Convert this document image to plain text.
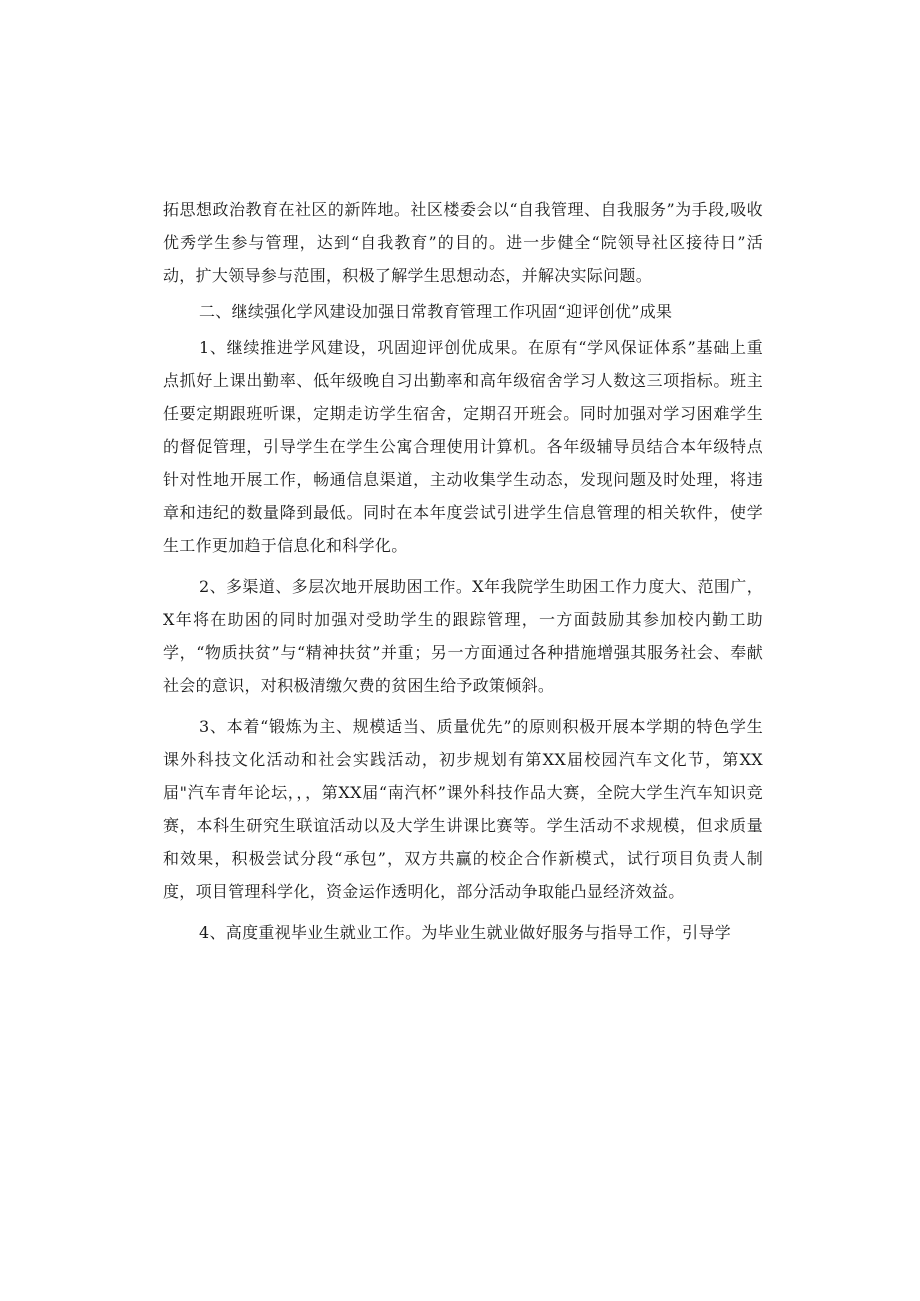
拓思想政治教育在社区的新阵地。社区楼委会以“自我管理、自我服务”为手段,吸收优秀学生参与管理，达到“自我教育”的目的。进一步健全“院领导社区接待日”活动，扩大领导参与范围，积极了解学生思想动态，并解决实际问题。

二、继续强化学风建设加强日常教育管理工作巩固“迎评创优”成果

1、继续推进学风建设，巩固迎评创优成果。在原有“学风保证体系”基础上重点抓好上课出勤率、低年级晚自习出勤率和高年级宿舍学习人数这三项指标。班主任要定期跟班听课，定期走访学生宿舍，定期召开班会。同时加强对学习困难学生的督促管理，引导学生在学生公寓合理使用计算机。各年级辅导员结合本年级特点针对性地开展工作，畅通信息渠道，主动收集学生动态，发现问题及时处理，将违章和违纪的数量降到最低。同时在本年度尝试引进学生信息管理的相关软件，使学生工作更加趋于信息化和科学化。

2、多渠道、多层次地开展助困工作。X年我院学生助困工作力度大、范围广，X年将在助困的同时加强对受助学生的跟踪管理，一方面鼓励其参加校内勤工助学，“物质扶贫”与“精神扶贫”并重；另一方面通过各种措施增强其服务社会、奉献社会的意识，对积极清缴欠费的贫困生给予政策倾斜。

3、本着“锻炼为主、规模适当、质量优先”的原则积极开展本学期的特色学生课外科技文化活动和社会实践活动，初步规划有第XX届校园汽车文化节，第XX届"汽车青年论坛，，，第XX届“南汽杯”课外科技作品大赛，全院大学生汽车知识竞赛，本科生研究生联谊活动以及大学生讲课比赛等。学生活动不求规模，但求质量和效果，积极尝试分段“承包”，双方共赢的校企合作新模式，试行项目负责人制度，项目管理科学化，资金运作透明化，部分活动争取能凸显经济效益。

4、高度重视毕业生就业工作。为毕业生就业做好服务与指导工作，引导学
